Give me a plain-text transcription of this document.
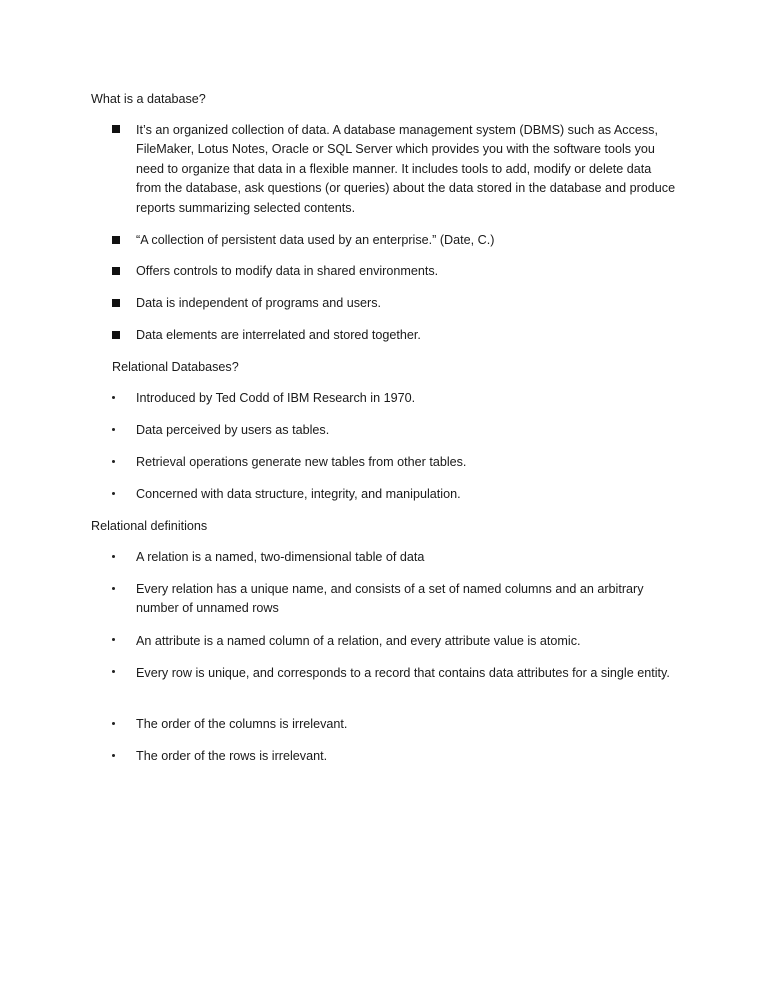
What is a database?
It’s an organized collection of data. A database management system (DBMS) such as Access, FileMaker, Lotus Notes, Oracle or SQL Server which provides you with the software tools you need to organize that data in a flexible manner. It includes tools to add, modify or delete data from the database, ask questions (or queries) about the data stored in the database and produce reports summarizing selected contents.
“A collection of persistent data used by an enterprise.” (Date, C.)
Offers controls to modify data in shared environments.
Data is independent of programs and users.
Data elements are interrelated and stored together.
Relational Databases?
Introduced by Ted Codd of IBM Research in 1970.
Data perceived by users as tables.
Retrieval operations generate new tables from other tables.
Concerned with data structure, integrity, and manipulation.
Relational definitions
A relation is a named, two-dimensional table of data
Every relation has a unique name, and consists of a set of named columns and an arbitrary number of unnamed rows
An attribute is a named column of a relation, and every attribute value is atomic.
Every row is unique, and corresponds to a record that contains data attributes for a single entity.
The order of the columns is irrelevant.
The order of the rows is irrelevant.
